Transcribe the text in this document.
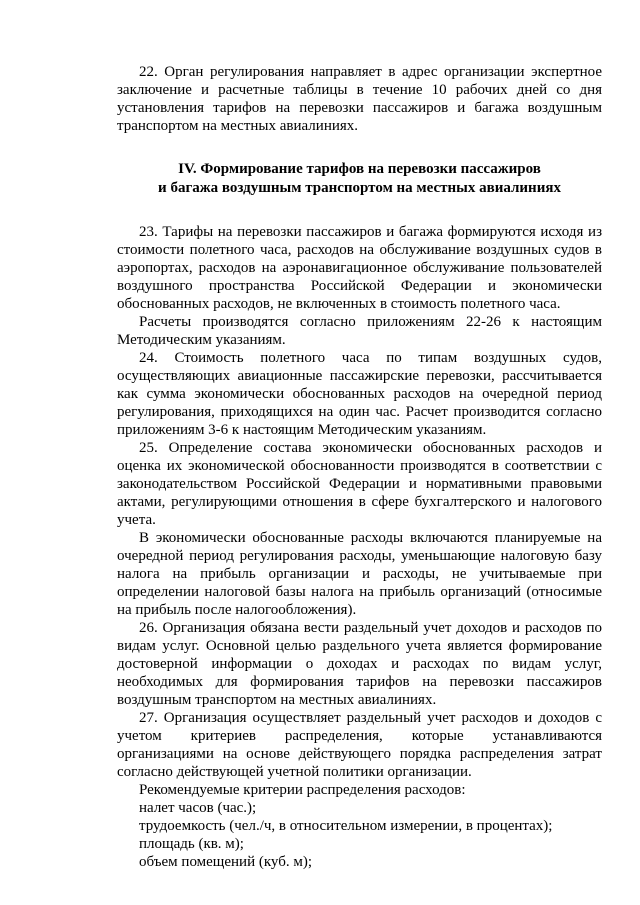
22. Орган регулирования направляет в адрес организации экспертное заключение и расчетные таблицы в течение 10 рабочих дней со дня установления тарифов на перевозки пассажиров и багажа воздушным транспортом на местных авиалиниях.

IV. Формирование тарифов на перевозки пассажиров
и багажа воздушным транспортом на местных авиалиниях

23. Тарифы на перевозки пассажиров и багажа формируются исходя из стоимости полетного часа, расходов на обслуживание воздушных судов в аэропортах, расходов на аэронавигационное обслуживание пользователей воздушного пространства Российской Федерации и экономически обоснованных расходов, не включенных в стоимость полетного часа.

Расчеты производятся согласно приложениям 22-26 к настоящим Методическим указаниям.

24. Стоимость полетного часа по типам воздушных судов, осуществляющих авиационные пассажирские перевозки, рассчитывается как сумма экономически обоснованных расходов на очередной период регулирования, приходящихся на один час. Расчет производится согласно приложениям 3-6 к настоящим Методическим указаниям.

25. Определение состава экономически обоснованных расходов и оценка их экономической обоснованности производятся в соответствии с законодательством Российской Федерации и нормативными правовыми актами, регулирующими отношения в сфере бухгалтерского и налогового учета.

В экономически обоснованные расходы включаются планируемые на очередной период регулирования расходы, уменьшающие налоговую базу налога на прибыль организации и расходы, не учитываемые при определении налоговой базы налога на прибыль организаций (относимые на прибыль после налогообложения).

26. Организация обязана вести раздельный учет доходов и расходов по видам услуг. Основной целью раздельного учета является формирование достоверной информации о доходах и расходах по видам услуг, необходимых для формирования тарифов на перевозки пассажиров воздушным транспортом на местных авиалиниях.

27. Организация осуществляет раздельный учет расходов и доходов с учетом критериев распределения, которые устанавливаются организациями на основе действующего порядка распределения затрат согласно действующей учетной политики организации.

Рекомендуемые критерии распределения расходов:

налет часов (час.);

трудоемкость (чел./ч, в относительном измерении, в процентах);

площадь (кв. м);

объем помещений (куб. м);
